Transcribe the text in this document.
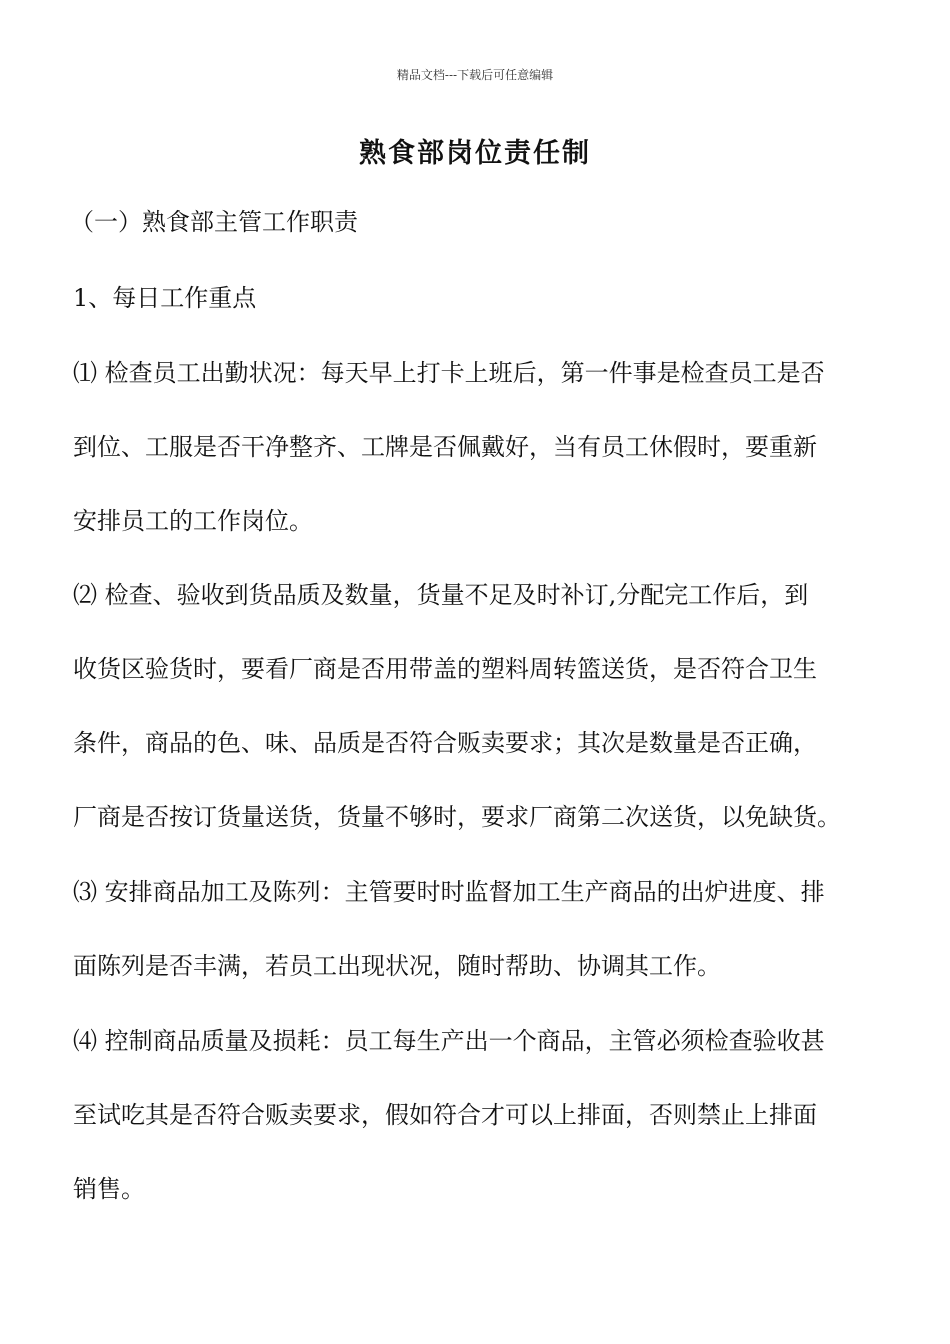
精品文档---下载后可任意编辑
熟食部岗位责任制
（一）熟食部主管工作职责
1、每日工作重点
⑴ 检查员工出勤状况：每天早上打卡上班后，第一件事是检查员工是否
到位、工服是否干净整齐、工牌是否佩戴好，当有员工休假时，要重新
安排员工的工作岗位。
⑵ 检查、验收到货品质及数量，货量不足及时补订,分配完工作后，到
收货区验货时，要看厂商是否用带盖的塑料周转篮送货，是否符合卫生
条件，商品的色、味、品质是否符合贩卖要求；其次是数量是否正确，
厂商是否按订货量送货，货量不够时，要求厂商第二次送货，以免缺货。
⑶ 安排商品加工及陈列：主管要时时监督加工生产商品的出炉进度、排
面陈列是否丰满，若员工出现状况，随时帮助、协调其工作。
⑷ 控制商品质量及损耗：员工每生产出一个商品，主管必须检查验收甚
至试吃其是否符合贩卖要求，假如符合才可以上排面，否则禁止上排面
销售。
